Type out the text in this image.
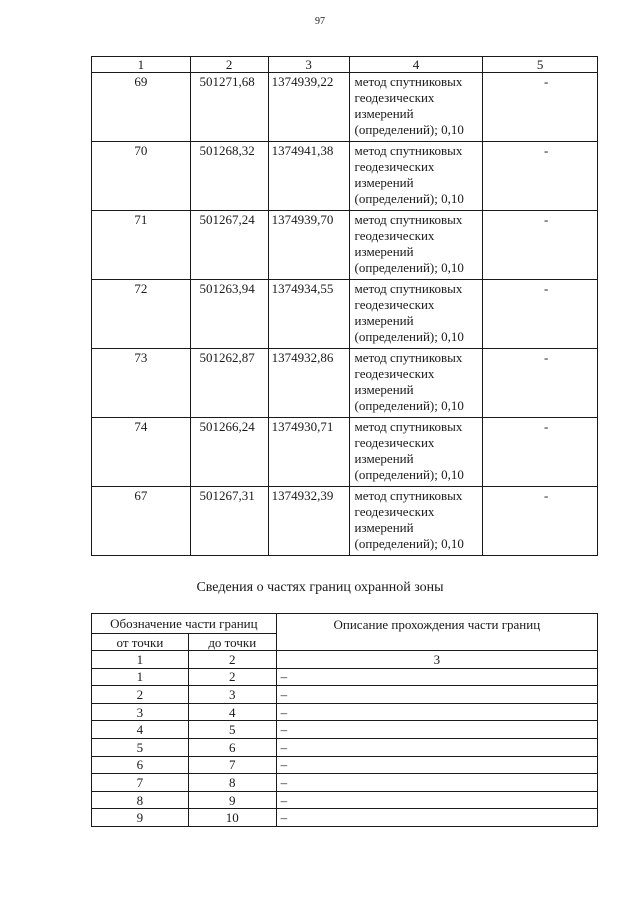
97
1	2	3	4	5
69	501271,68	1374939,22	метод спутниковых
геодезических
измерений
(определений); 0,10	-
70	501268,32	1374941,38	метод спутниковых
геодезических
измерений
(определений); 0,10	-
71	501267,24	1374939,70	метод спутниковых
геодезических
измерений
(определений); 0,10	-
72	501263,94	1374934,55	метод спутниковых
геодезических
измерений
(определений); 0,10	-
73	501262,87	1374932,86	метод спутниковых
геодезических
измерений
(определений); 0,10	-
74	501266,24	1374930,71	метод спутниковых
геодезических
измерений
(определений); 0,10	-
67	501267,31	1374932,39	метод спутниковых
геодезических
измерений
(определений); 0,10	-
Сведения о частях границ охранной зоны
Обозначение части границ		Описание прохождения части границ
от точки	до точки	
1	2	3
1	2	–
2	3	–
3	4	–
4	5	–
5	6	–
6	7	–
7	8	–
8	9	–
9	10	–
